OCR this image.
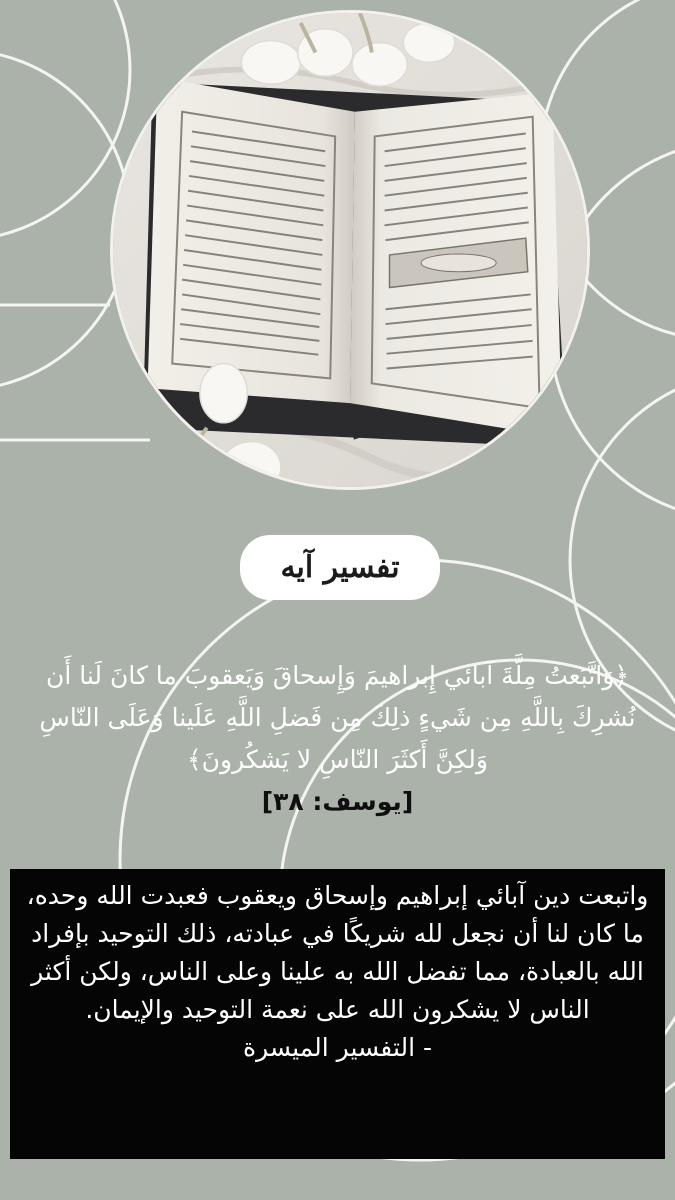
تفسير آيه
﴿وَاتَّبَعتُ مِلَّةَ آبائي إِبراهيمَ وَإِسحاقَ وَيَعقوبَ ما كانَ لَنا أَن نُشرِكَ بِاللَّهِ مِن شَيءٍ ذلِكَ مِن فَضلِ اللَّهِ عَلَينا وَعَلَى النّاسِ وَلكِنَّ أَكثَرَ النّاسِ لا يَشكُرونَ﴾
[يوسف: ٣٨]
واتبعت دين آبائي إبراهيم وإسحاق ويعقوب فعبدت الله وحده، ما كان لنا أن نجعل لله شريكًا في عبادته، ذلك التوحيد بإفراد الله بالعبادة، مما تفضل الله به علينا وعلى الناس، ولكن أكثر الناس لا يشكرون الله على نعمة التوحيد والإيمان.
- التفسير الميسرة
